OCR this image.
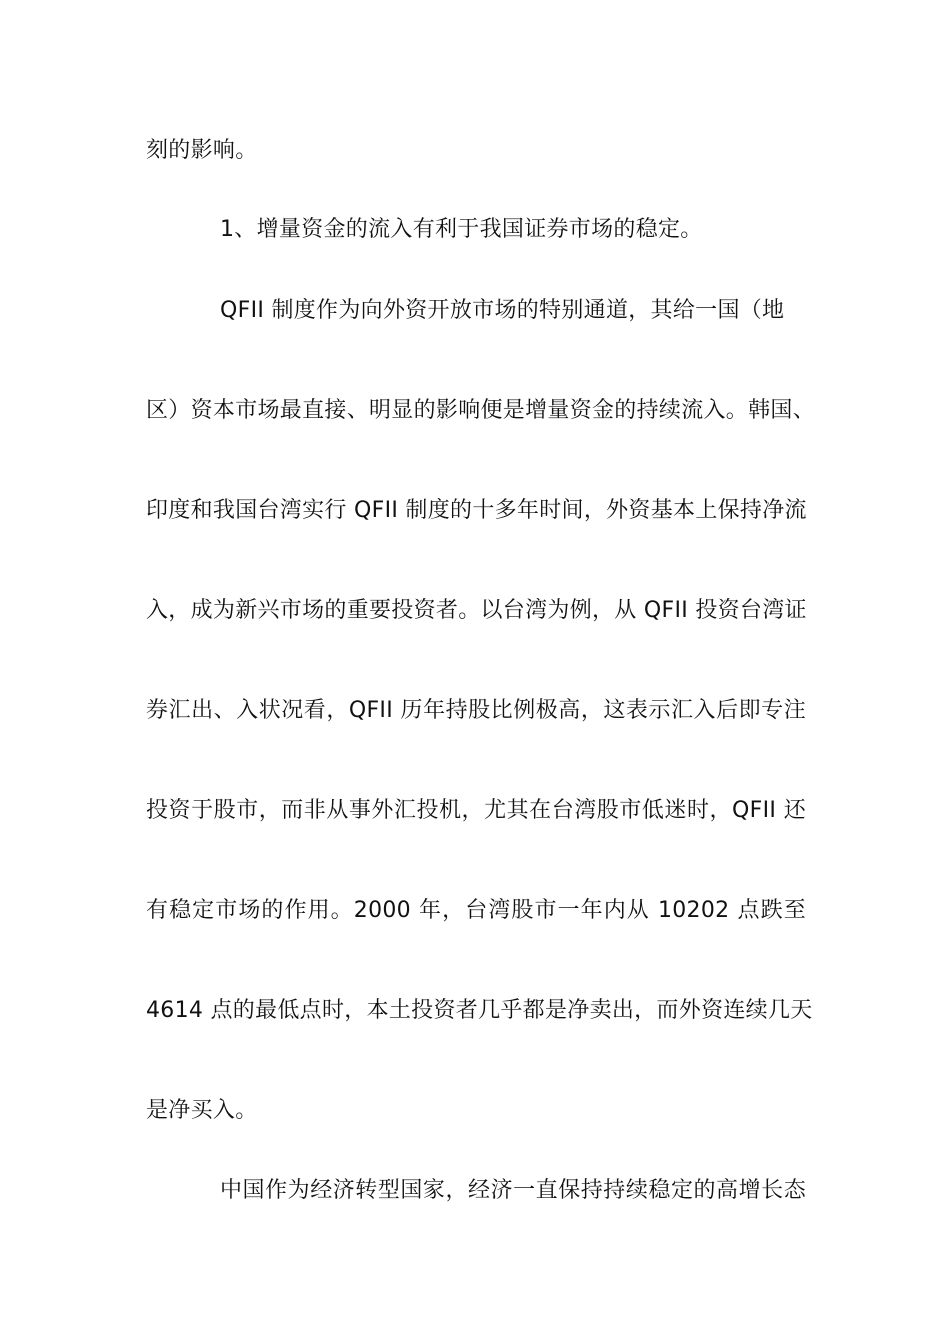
刻的影响。
1、增量资金的流入有利于我国证券市场的稳定。
QFII 制度作为向外资开放市场的特别通道，其给一国（地
区）资本市场最直接、明显的影响便是增量资金的持续流入。韩国、
印度和我国台湾实行 QFII 制度的十多年时间，外资基本上保持净流
入，成为新兴市场的重要投资者。以台湾为例，从 QFII 投资台湾证
券汇出、入状况看，QFII 历年持股比例极高，这表示汇入后即专注
投资于股市，而非从事外汇投机，尤其在台湾股市低迷时，QFII 还
有稳定市场的作用。2000 年，台湾股市一年内从 10202 点跌至
4614 点的最低点时，本土投资者几乎都是净卖出，而外资连续几天
是净买入。
中国作为经济转型国家，经济一直保持持续稳定的高增长态
